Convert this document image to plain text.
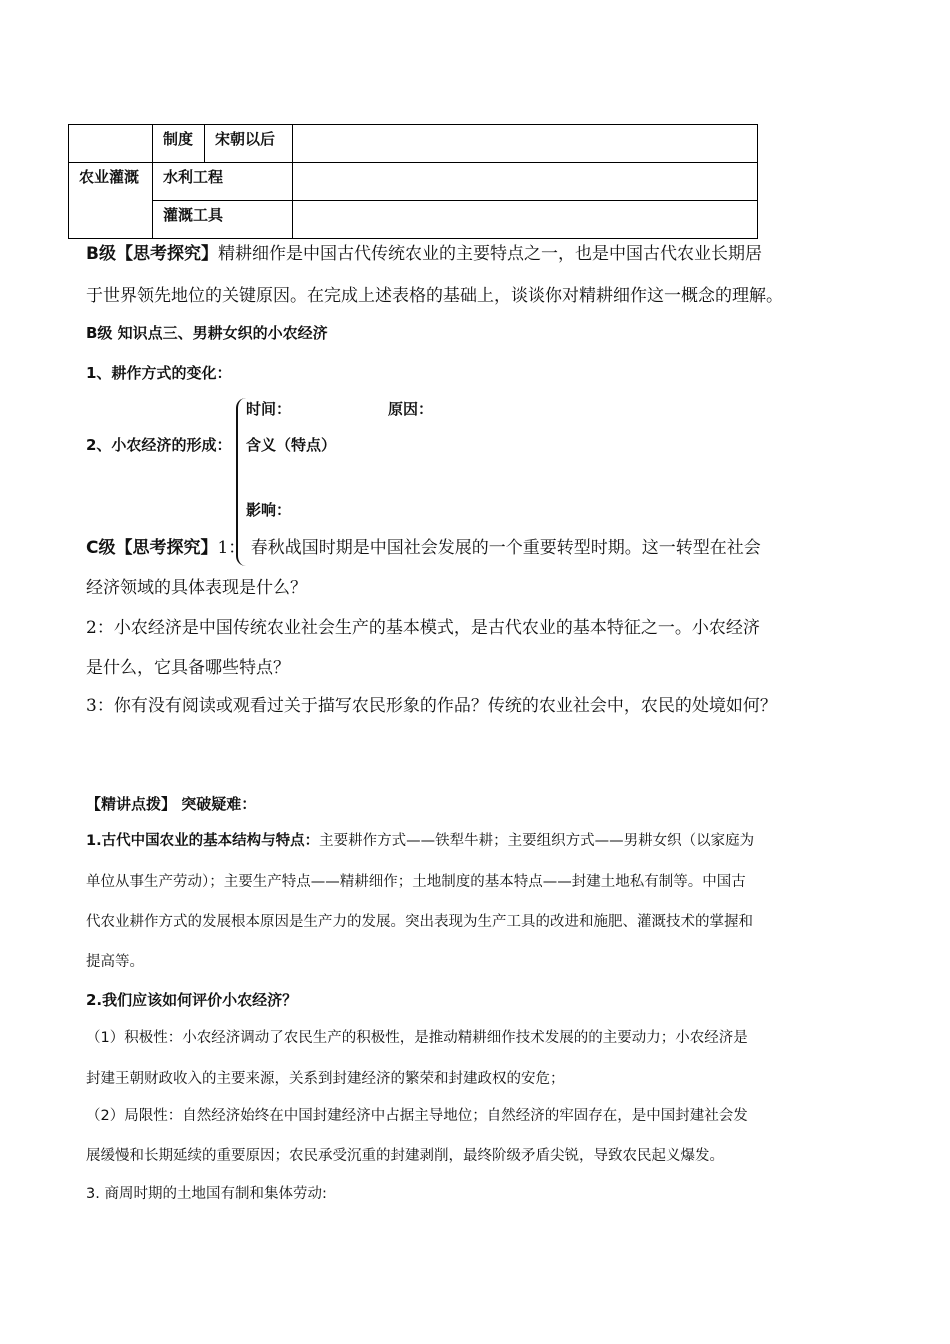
	制度	宋朝以后	
农业灌溉	水利工程		
	灌溉工具		
B级【思考探究】精耕细作是中国古代传统农业的主要特点之一，也是中国古代农业长期居
于世界领先地位的关键原因。在完成上述表格的基础上，谈谈你对精耕细作这一概念的理解。
B级 知识点三、男耕女织的小农经济
1、耕作方式的变化：
时间：	原因：
2、小农经济的形成： 含义（特点）
影响：
C级【思考探究】1： 春秋战国时期是中国社会发展的一个重要转型时期。这一转型在社会
经济领域的具体表现是什么？
2：小农经济是中国传统农业社会生产的基本模式，是古代农业的基本特征之一。小农经济
是什么，它具备哪些特点？
3：你有没有阅读或观看过关于描写农民形象的作品？传统的农业社会中，农民的处境如何？
【精讲点拨】 突破疑难：
1.古代中国农业的基本结构与特点：主要耕作方式——铁犁牛耕；主要组织方式——男耕女织（以家庭为
单位从事生产劳动）；主要生产特点——精耕细作；土地制度的基本特点——封建土地私有制等。中国古
代农业耕作方式的发展根本原因是生产力的发展。突出表现为生产工具的改进和施肥、灌溉技术的掌握和
提高等。
2.我们应该如何评价小农经济？
（1）积极性：小农经济调动了农民生产的积极性，是推动精耕细作技术发展的的主要动力；小农经济是
封建王朝财政收入的主要来源，关系到封建经济的繁荣和封建政权的安危；
（2）局限性：自然经济始终在中国封建经济中占据主导地位；自然经济的牢固存在，是中国封建社会发
展缓慢和长期延续的重要原因；农民承受沉重的封建剥削，最终阶级矛盾尖锐，导致农民起义爆发。
3. 商周时期的土地国有制和集体劳动:
